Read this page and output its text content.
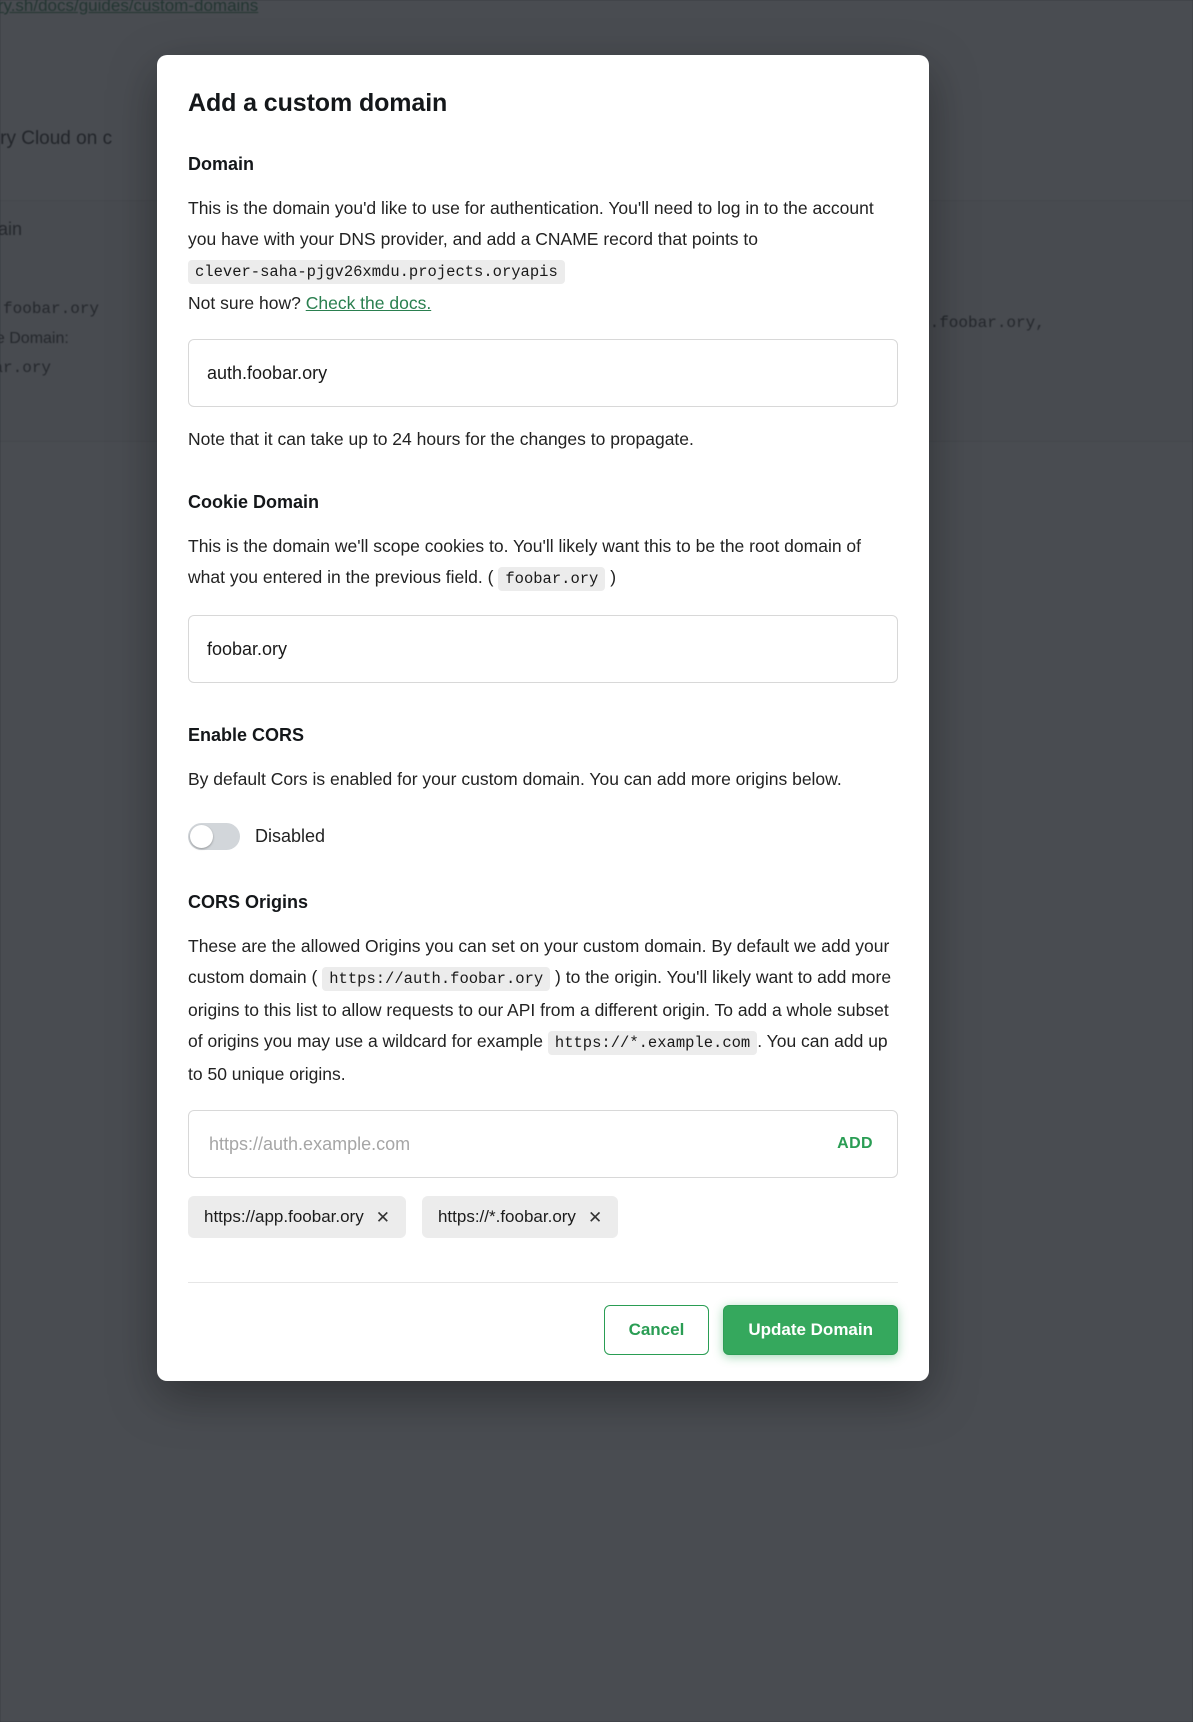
Add a custom domain
Domain

This is the domain you'd like to use for authentication. You'll need to log in to the account you have with your DNS provider, and add a CNAME record that points to clever-saha-pjgv26xmdu.projects.oryapis
Not sure how? Check the docs.

auth.foobar.ory
Note that it can take up to 24 hours for the changes to propagate.
Cookie Domain

This is the domain we'll scope cookies to. You'll likely want this to be the root domain of what you entered in the previous field. ( foobar.ory )

foobar.ory
Enable CORS

By default Cors is enabled for your custom domain. You can add more origins below.

Disabled
CORS Origins

These are the allowed Origins you can set on your custom domain. By default we add your custom domain ( https://auth.foobar.ory ) to the origin. You'll likely want to add more origins to this list to allow requests to our API from a different origin. To add a whole subset of origins you may use a wildcard for example https://*.example.com . You can add up to 50 unique origins.

https://auth.example.com
ADD
https://app.foobar.ory ✕	https://*.foobar.ory ✕
Cancel	Update Domain
